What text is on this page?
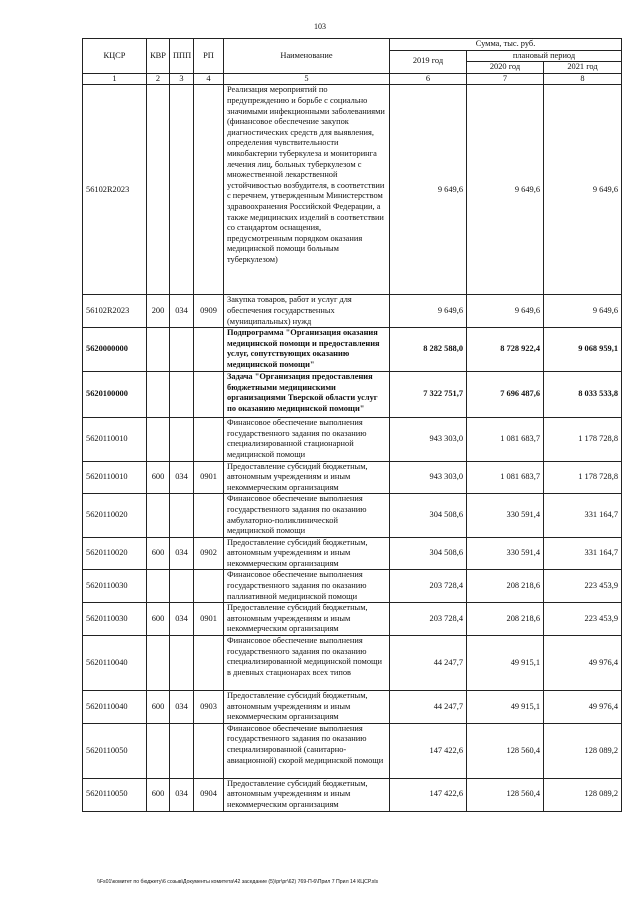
103
КЦСР	КВР	ППП	РП	Наименование	Сумма, тыс. руб.		
					2019 год	плановый период	
						2020 год	2021 год
1	2	3	4	5	6	7	8
56102R2023				Реализация мероприятий по предупреждению и борьбе с социально значимыми инфекционными заболеваниями (финансовое обеспечение закупок диагностических средств для выявления, определения чувствительности микобактерии туберкулеза и мониторинга лечения лиц, больных туберкулезом с множественной лекарственной устойчивостью возбудителя, в соответствии с перечнем, утвержденным Министерством здравоохранения Российской Федерации, а также медицинских изделий в соответствии со стандартом оснащения, предусмотренным порядком оказания медицинской помощи больным туберкулезом)	9 649,6	9 649,6	9 649,6
56102R2023	200	034	0909	Закупка товаров, работ и услуг для обеспечения государственных (муниципальных) нужд	9 649,6	9 649,6	9 649,6
5620000000				Подпрограмма "Организация оказания медицинской помощи и предоставления услуг, сопутствующих оказанию медицинской помощи"	8 282 588,0	8 728 922,4	9 068 959,1
5620100000				Задача "Организация предоставления бюджетными медицинскими организациями Тверской области услуг по оказанию медицинской помощи"	7 322 751,7	7 696 487,6	8 033 533,8
5620110010				Финансовое обеспечение выполнения государственного задания по оказанию специализированной стационарной медицинской помощи	943 303,0	1 081 683,7	1 178 728,8
5620110010	600	034	0901	Предоставление субсидий бюджетным, автономным учреждениям и иным некоммерческим организациям	943 303,0	1 081 683,7	1 178 728,8
5620110020				Финансовое обеспечение выполнения государственного задания по оказанию амбулаторно-поликлинической медицинской помощи	304 508,6	330 591,4	331 164,7
5620110020	600	034	0902	Предоставление субсидий бюджетным, автономным учреждениям и иным некоммерческим организациям	304 508,6	330 591,4	331 164,7
5620110030				Финансовое обеспечение выполнения государственного задания по оказанию паллиативной медицинской помощи	203 728,4	208 218,6	223 453,9
5620110030	600	034	0901	Предоставление субсидий бюджетным, автономным учреждениям и иным некоммерческим организациям	203 728,4	208 218,6	223 453,9
5620110040				Финансовое обеспечение выполнения государственного задания по оказанию специализированной медицинской помощи в дневных стационарах всех типов	44 247,7	49 915,1	49 976,4
5620110040	600	034	0903	Предоставление субсидий бюджетным, автономным учреждениям и иным некоммерческим организациям	44 247,7	49 915,1	49 976,4
5620110050				Финансовое обеспечение выполнения государственного задания по оказанию специализированной (санитарно-авиационной) скорой медицинской помощи	147 422,6	128 560,4	128 089,2
5620110050	600	034	0904	Предоставление субсидий бюджетным, автономным учреждениям и иным некоммерческим организациям	147 422,6	128 560,4	128 089,2
\\Fs01\комитет по бюджету\6 созыв\Документы комитета\42 заседание (5)\рг\рг\62) 769-П-6\Прил 7 Прил 14 КЦСР.xls
